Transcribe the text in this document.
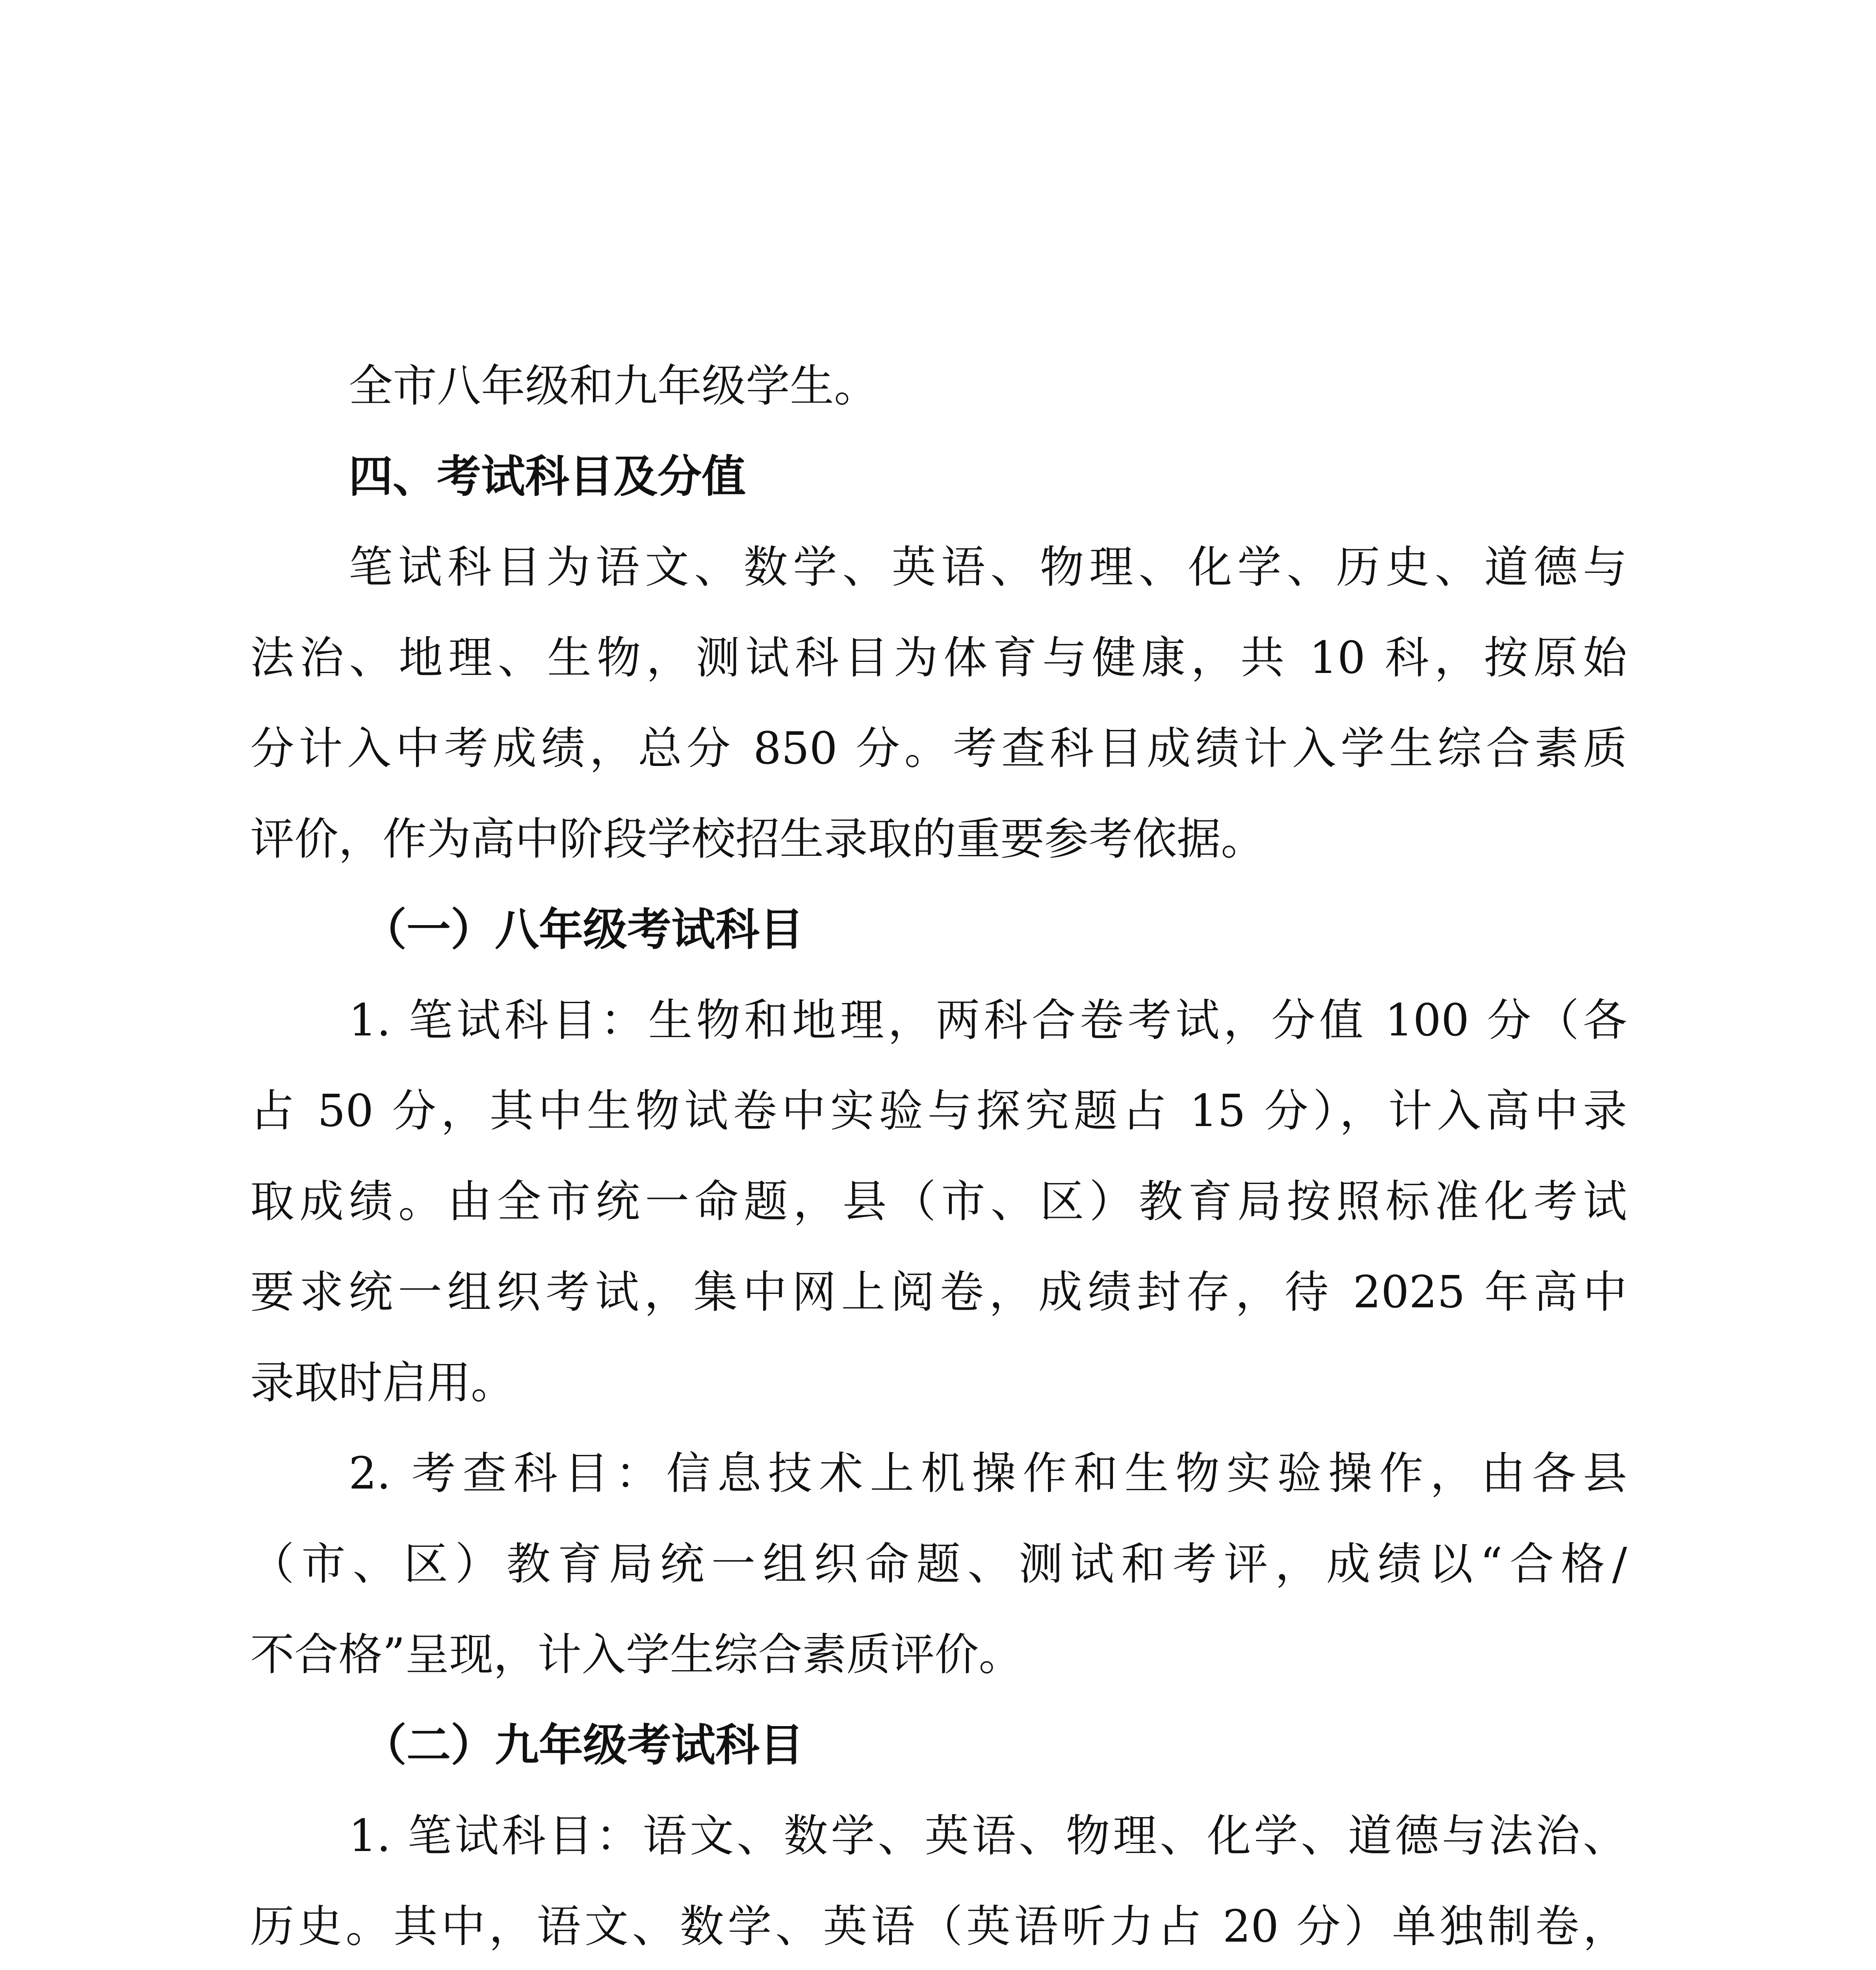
全市八年级和九年级学生。

四、考试科目及分值

笔试科目为语文、数学、英语、物理、化学、历史、道德与

法治、地理、生物，测试科目为体育与健康，共 10 科，按原始

分计入中考成绩，总分 850 分。考查科目成绩计入学生综合素质

评价，作为高中阶段学校招生录取的重要参考依据。

（一）八年级考试科目

1. 笔试科目：生物和地理，两科合卷考试，分值 100 分（各

占 50 分，其中生物试卷中实验与探究题占 15 分），计入高中录

取成绩。由全市统一命题，县（市、区）教育局按照标准化考试

要求统一组织考试，集中网上阅卷，成绩封存，待 2025 年高中

录取时启用。

2. 考查科目：信息技术上机操作和生物实验操作，由各县

（市、区）教育局统一组织命题、测试和考评，成绩以“合格/

不合格”呈现，计入学生综合素质评价。

（二）九年级考试科目

1. 笔试科目：语文、数学、英语、物理、化学、道德与法治、

历史。其中，语文、数学、英语（英语听力占 20 分）单独制卷，
